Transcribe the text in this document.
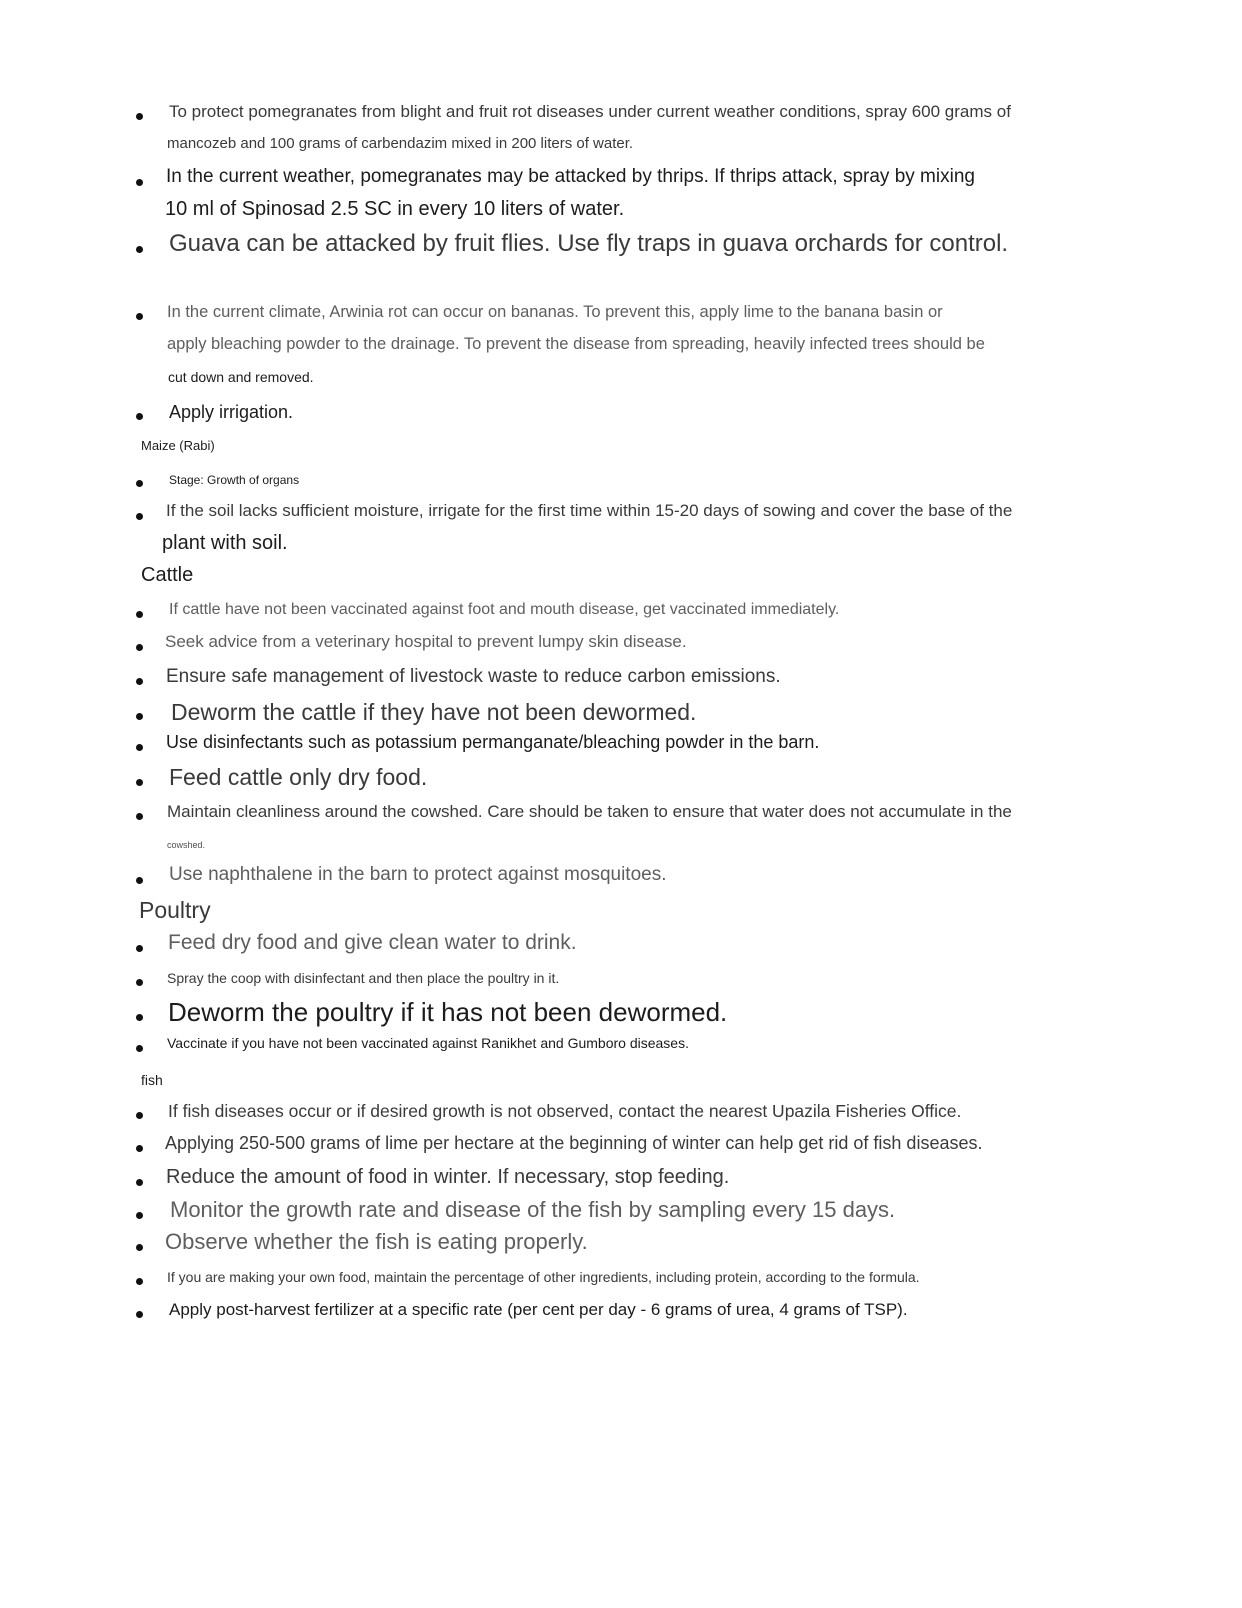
To protect pomegranates from blight and fruit rot diseases under current weather conditions, spray 600 grams of
mancozeb and 100 grams of carbendazim mixed in 200 liters of water.
In the current weather, pomegranates may be attacked by thrips. If thrips attack, spray by mixing
10 ml of Spinosad 2.5 SC in every 10 liters of water.
Guava can be attacked by fruit flies. Use fly traps in guava orchards for control.
In the current climate, Arwinia rot can occur on bananas. To prevent this, apply lime to the banana basin or
apply bleaching powder to the drainage. To prevent the disease from spreading, heavily infected trees should be
cut down and removed.
Apply irrigation.
Maize (Rabi)
Stage: Growth of organs
If the soil lacks sufficient moisture, irrigate for the first time within 15-20 days of sowing and cover the base of the
plant with soil.
Cattle
If cattle have not been vaccinated against foot and mouth disease, get vaccinated immediately.
Seek advice from a veterinary hospital to prevent lumpy skin disease.
Ensure safe management of livestock waste to reduce carbon emissions.
Deworm the cattle if they have not been dewormed.
Use disinfectants such as potassium permanganate/bleaching powder in the barn.
Feed cattle only dry food.
Maintain cleanliness around the cowshed. Care should be taken to ensure that water does not accumulate in the
cowshed.
Use naphthalene in the barn to protect against mosquitoes.
Poultry
Feed dry food and give clean water to drink.
Spray the coop with disinfectant and then place the poultry in it.
Deworm the poultry if it has not been dewormed.
Vaccinate if you have not been vaccinated against Ranikhet and Gumboro diseases.
fish
If fish diseases occur or if desired growth is not observed, contact the nearest Upazila Fisheries Office.
Applying 250-500 grams of lime per hectare at the beginning of winter can help get rid of fish diseases.
Reduce the amount of food in winter. If necessary, stop feeding.
Monitor the growth rate and disease of the fish by sampling every 15 days.
Observe whether the fish is eating properly.
If you are making your own food, maintain the percentage of other ingredients, including protein, according to the formula.
Apply post-harvest fertilizer at a specific rate (per cent per day - 6 grams of urea, 4 grams of TSP).
